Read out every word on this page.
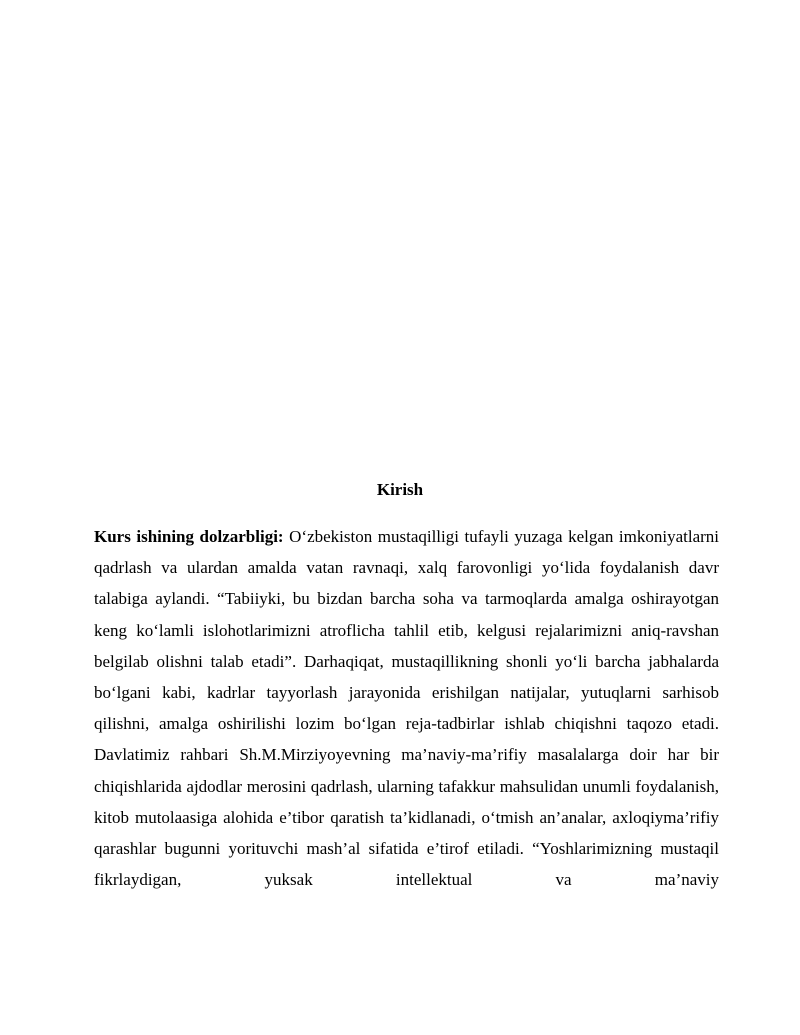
Kirish
Kurs ishining dolzarbligi: O‘zbekiston mustaqilligi tufayli yuzaga kelgan imkoniyatlarni qadrlash va ulardan amalda vatan ravnaqi, xalq farovonligi yo‘lida foydalanish davr talabiga aylandi. “Tabiiyki, bu bizdan barcha soha va tarmoqlarda amalga oshirayotgan keng ko‘lamli islohotlarimizni atroflicha tahlil etib, kelgusi rejalarimizni aniq-ravshan belgilab olishni talab etadi”. Darhaqiqat, mustaqillikning shonli yo‘li barcha jabhalarda bo‘lgani kabi, kadrlar tayyorlash jarayonida erishilgan natijalar, yutuqlarni sarhisob qilishni, amalga oshirilishi lozim bo‘lgan reja-tadbirlar ishlab chiqishni taqozo etadi. Davlatimiz rahbari Sh.M.Mirziyoyevning ma’naviy-ma’rifiy masalalarga doir har bir chiqishlarida ajdodlar merosini qadrlash, ularning tafakkur mahsulidan unumli foydalanish, kitob mutolaasiga alohida e’tibor qaratish ta’kidlanadi, o‘tmish an’analar, axloqiyma’rifiy qarashlar bugunni yorituvchi mash’al sifatida e’tirof etiladi. “Yoshlarimizning mustaqil fikrlaydigan, yuksak intellektual va ma’naviy
